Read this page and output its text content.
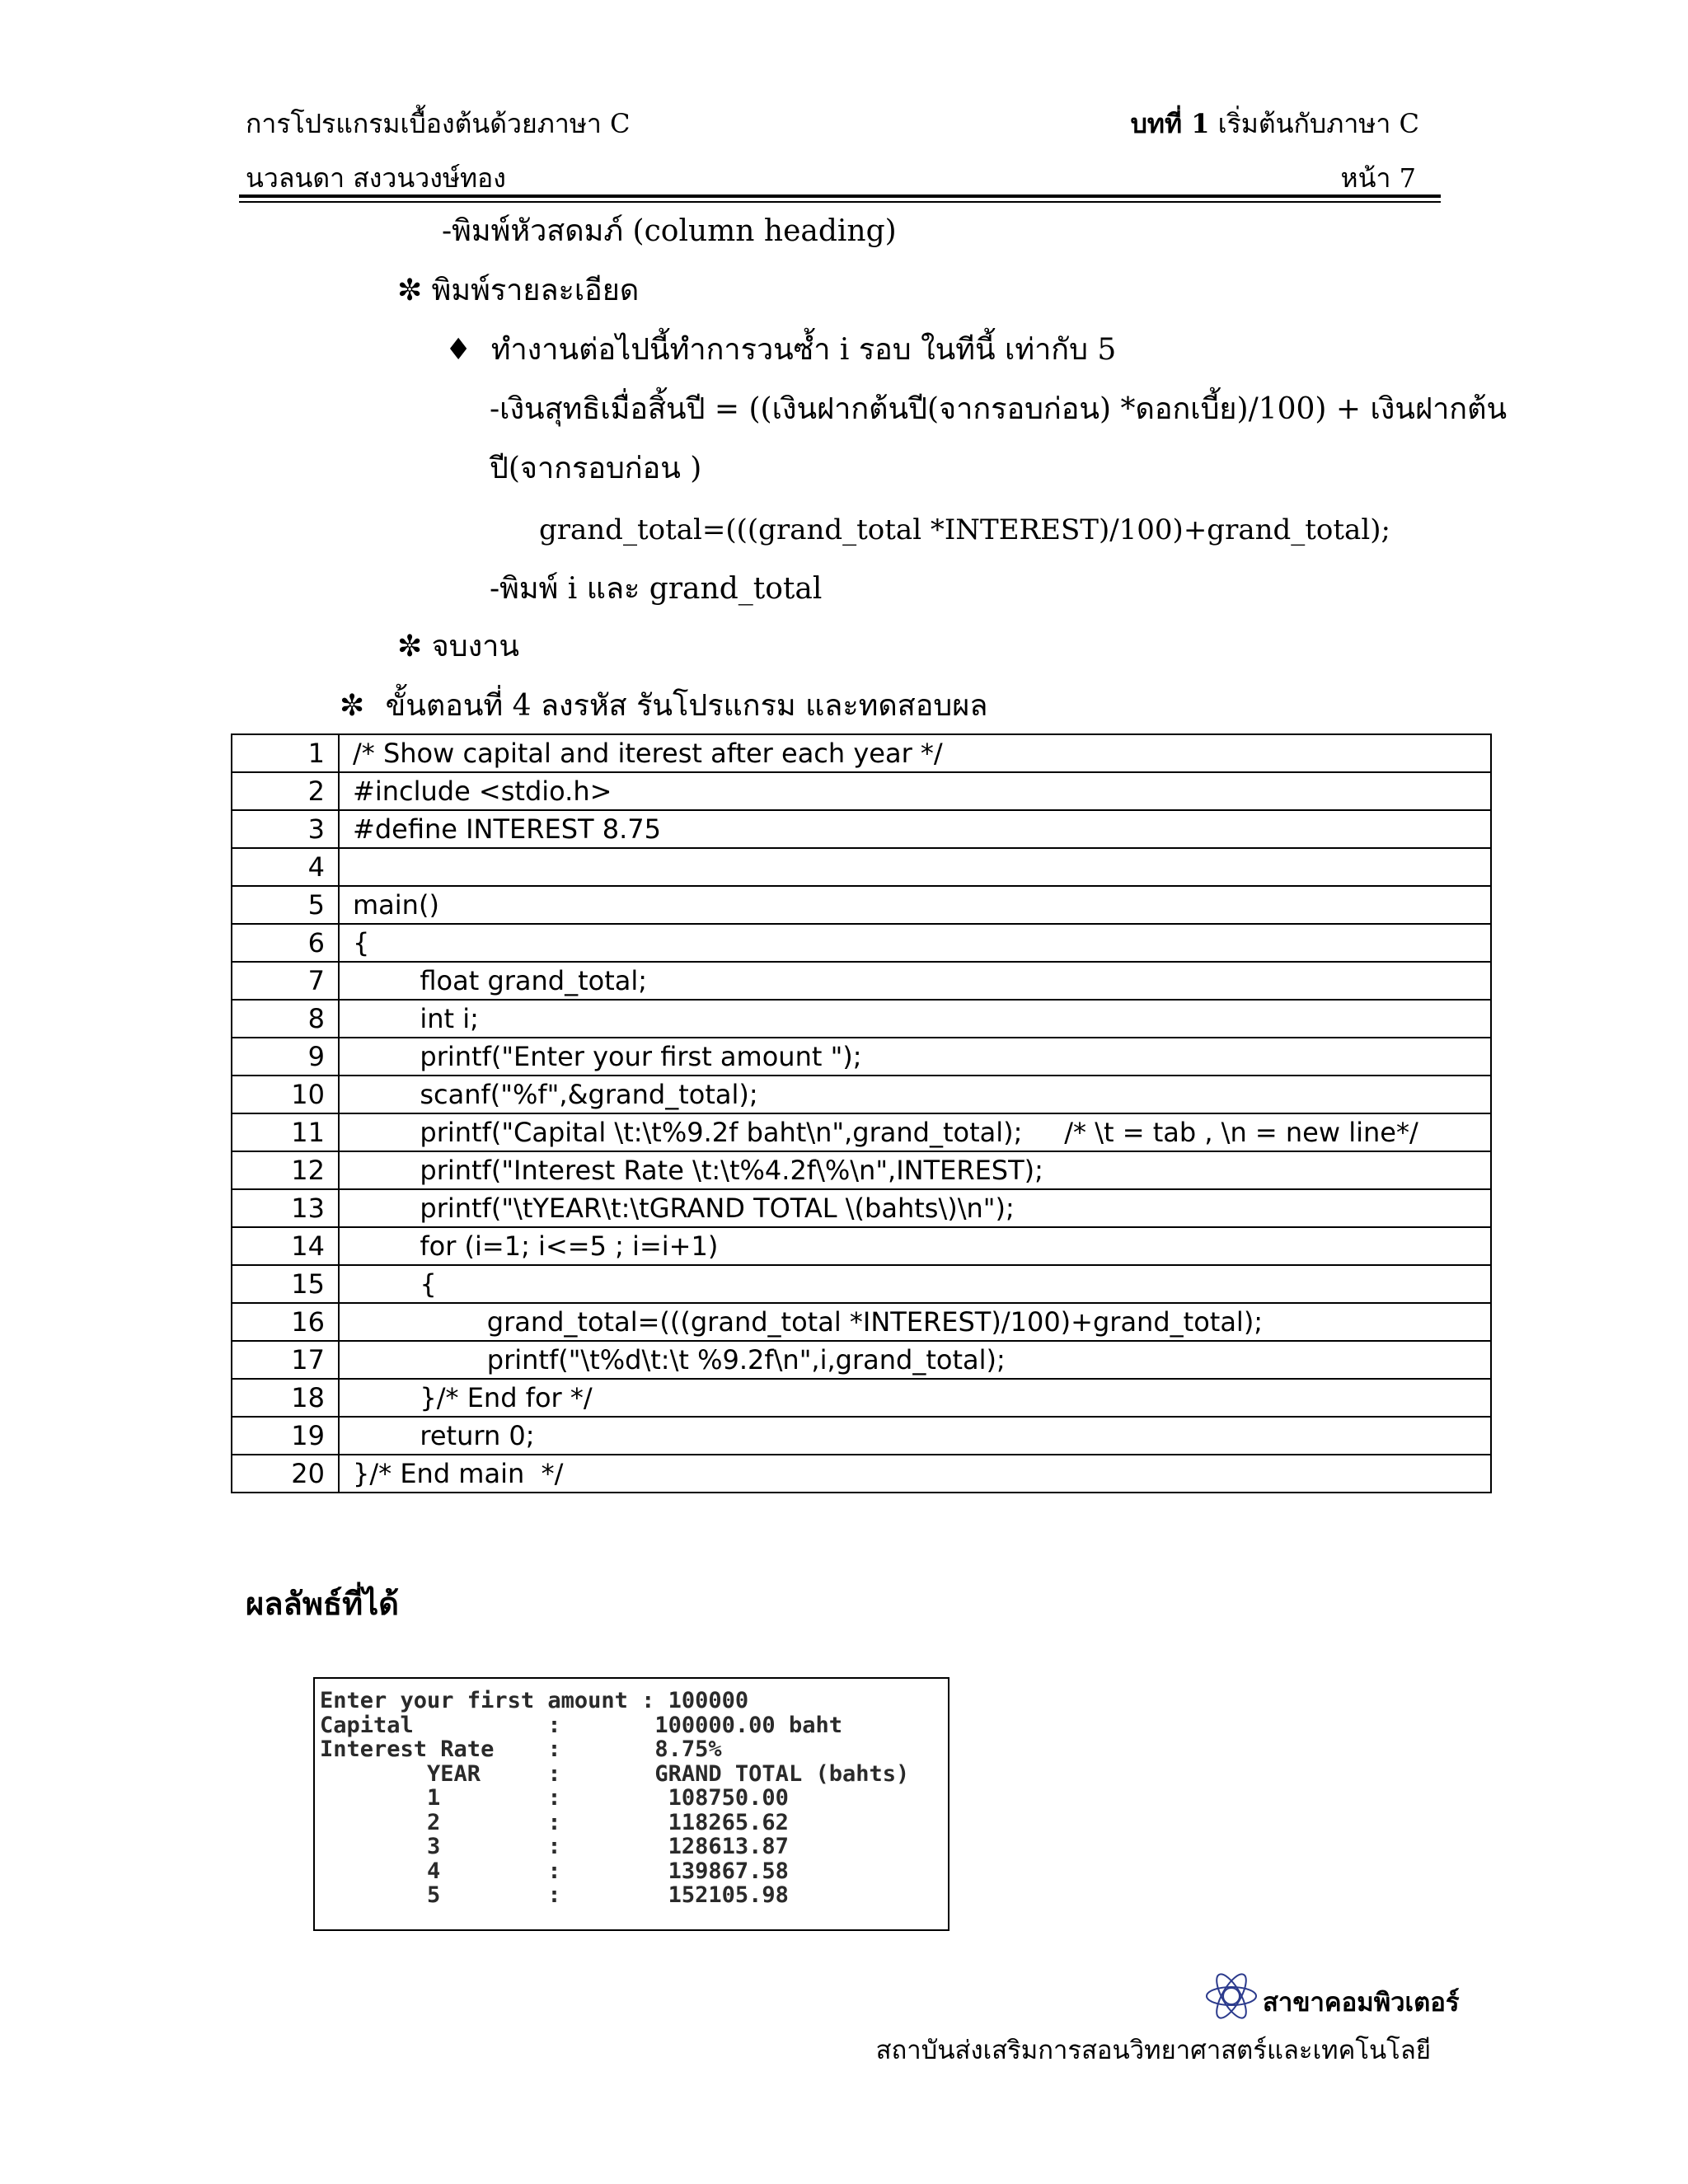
การโปรแกรมเบื้องต้นด้วยภาษา C	บทที่ 1 เริ่มต้นกับภาษา C
นวลนดา สงวนวงษ์ทอง	หน้า 7
-พิมพ์หัวสดมภ์ (column heading)
✼ พิมพ์รายละเอียด
♦ ทำงานต่อไปนี้ทำการวนซ้ำ i รอบ ในทีนี้ เท่ากับ 5
-เงินสุทธิเมื่อสิ้นปี = ((เงินฝากต้นปี(จากรอบก่อน) *ดอกเบี้ย)/100) + เงินฝากต้น
ปี(จากรอบก่อน )
grand_total=(((grand_total *INTEREST)/100)+grand_total);
-พิมพ์ i และ grand_total
✼ จบงาน
✼ ขั้นตอนที่ 4 ลงรหัส รันโปรแกรม และทดสอบผล
1	/* Show capital and iterest after each year */
2	#include <stdio.h>
3	#define INTEREST 8.75
4	
5	main()
6	{
7	float grand_total;
8	int i;
9	printf("Enter your first amount ");
10	scanf("%f",&grand_total);
11	printf("Capital \t:\t%9.2f baht\n",grand_total);     /* \t = tab , \n = new line*/
12	printf("Interest Rate \t:\t%4.2f\%\n",INTEREST);
13	printf("\tYEAR\t:\tGRAND TOTAL \(bahts\)\n");
14	for (i=1; i<=5 ; i=i+1)
15	{
16	grand_total=(((grand_total *INTEREST)/100)+grand_total);
17	printf("\t%d\t:\t %9.2f\n",i,grand_total);
18	}/* End for */
19	return 0;
20	}/* End main  */
ผลลัพธ์ที่ได้
Enter your first amount : 100000
Capital          :       100000.00 baht
Interest Rate    :       8.75%
YEAR     :       GRAND TOTAL (bahts)
1        :        108750.00
2        :        118265.62
3        :        128613.87
4        :        139867.58
5        :        152105.98
สาขาคอมพิวเตอร์
สถาบันส่งเสริมการสอนวิทยาศาสตร์และเทคโนโลยี
